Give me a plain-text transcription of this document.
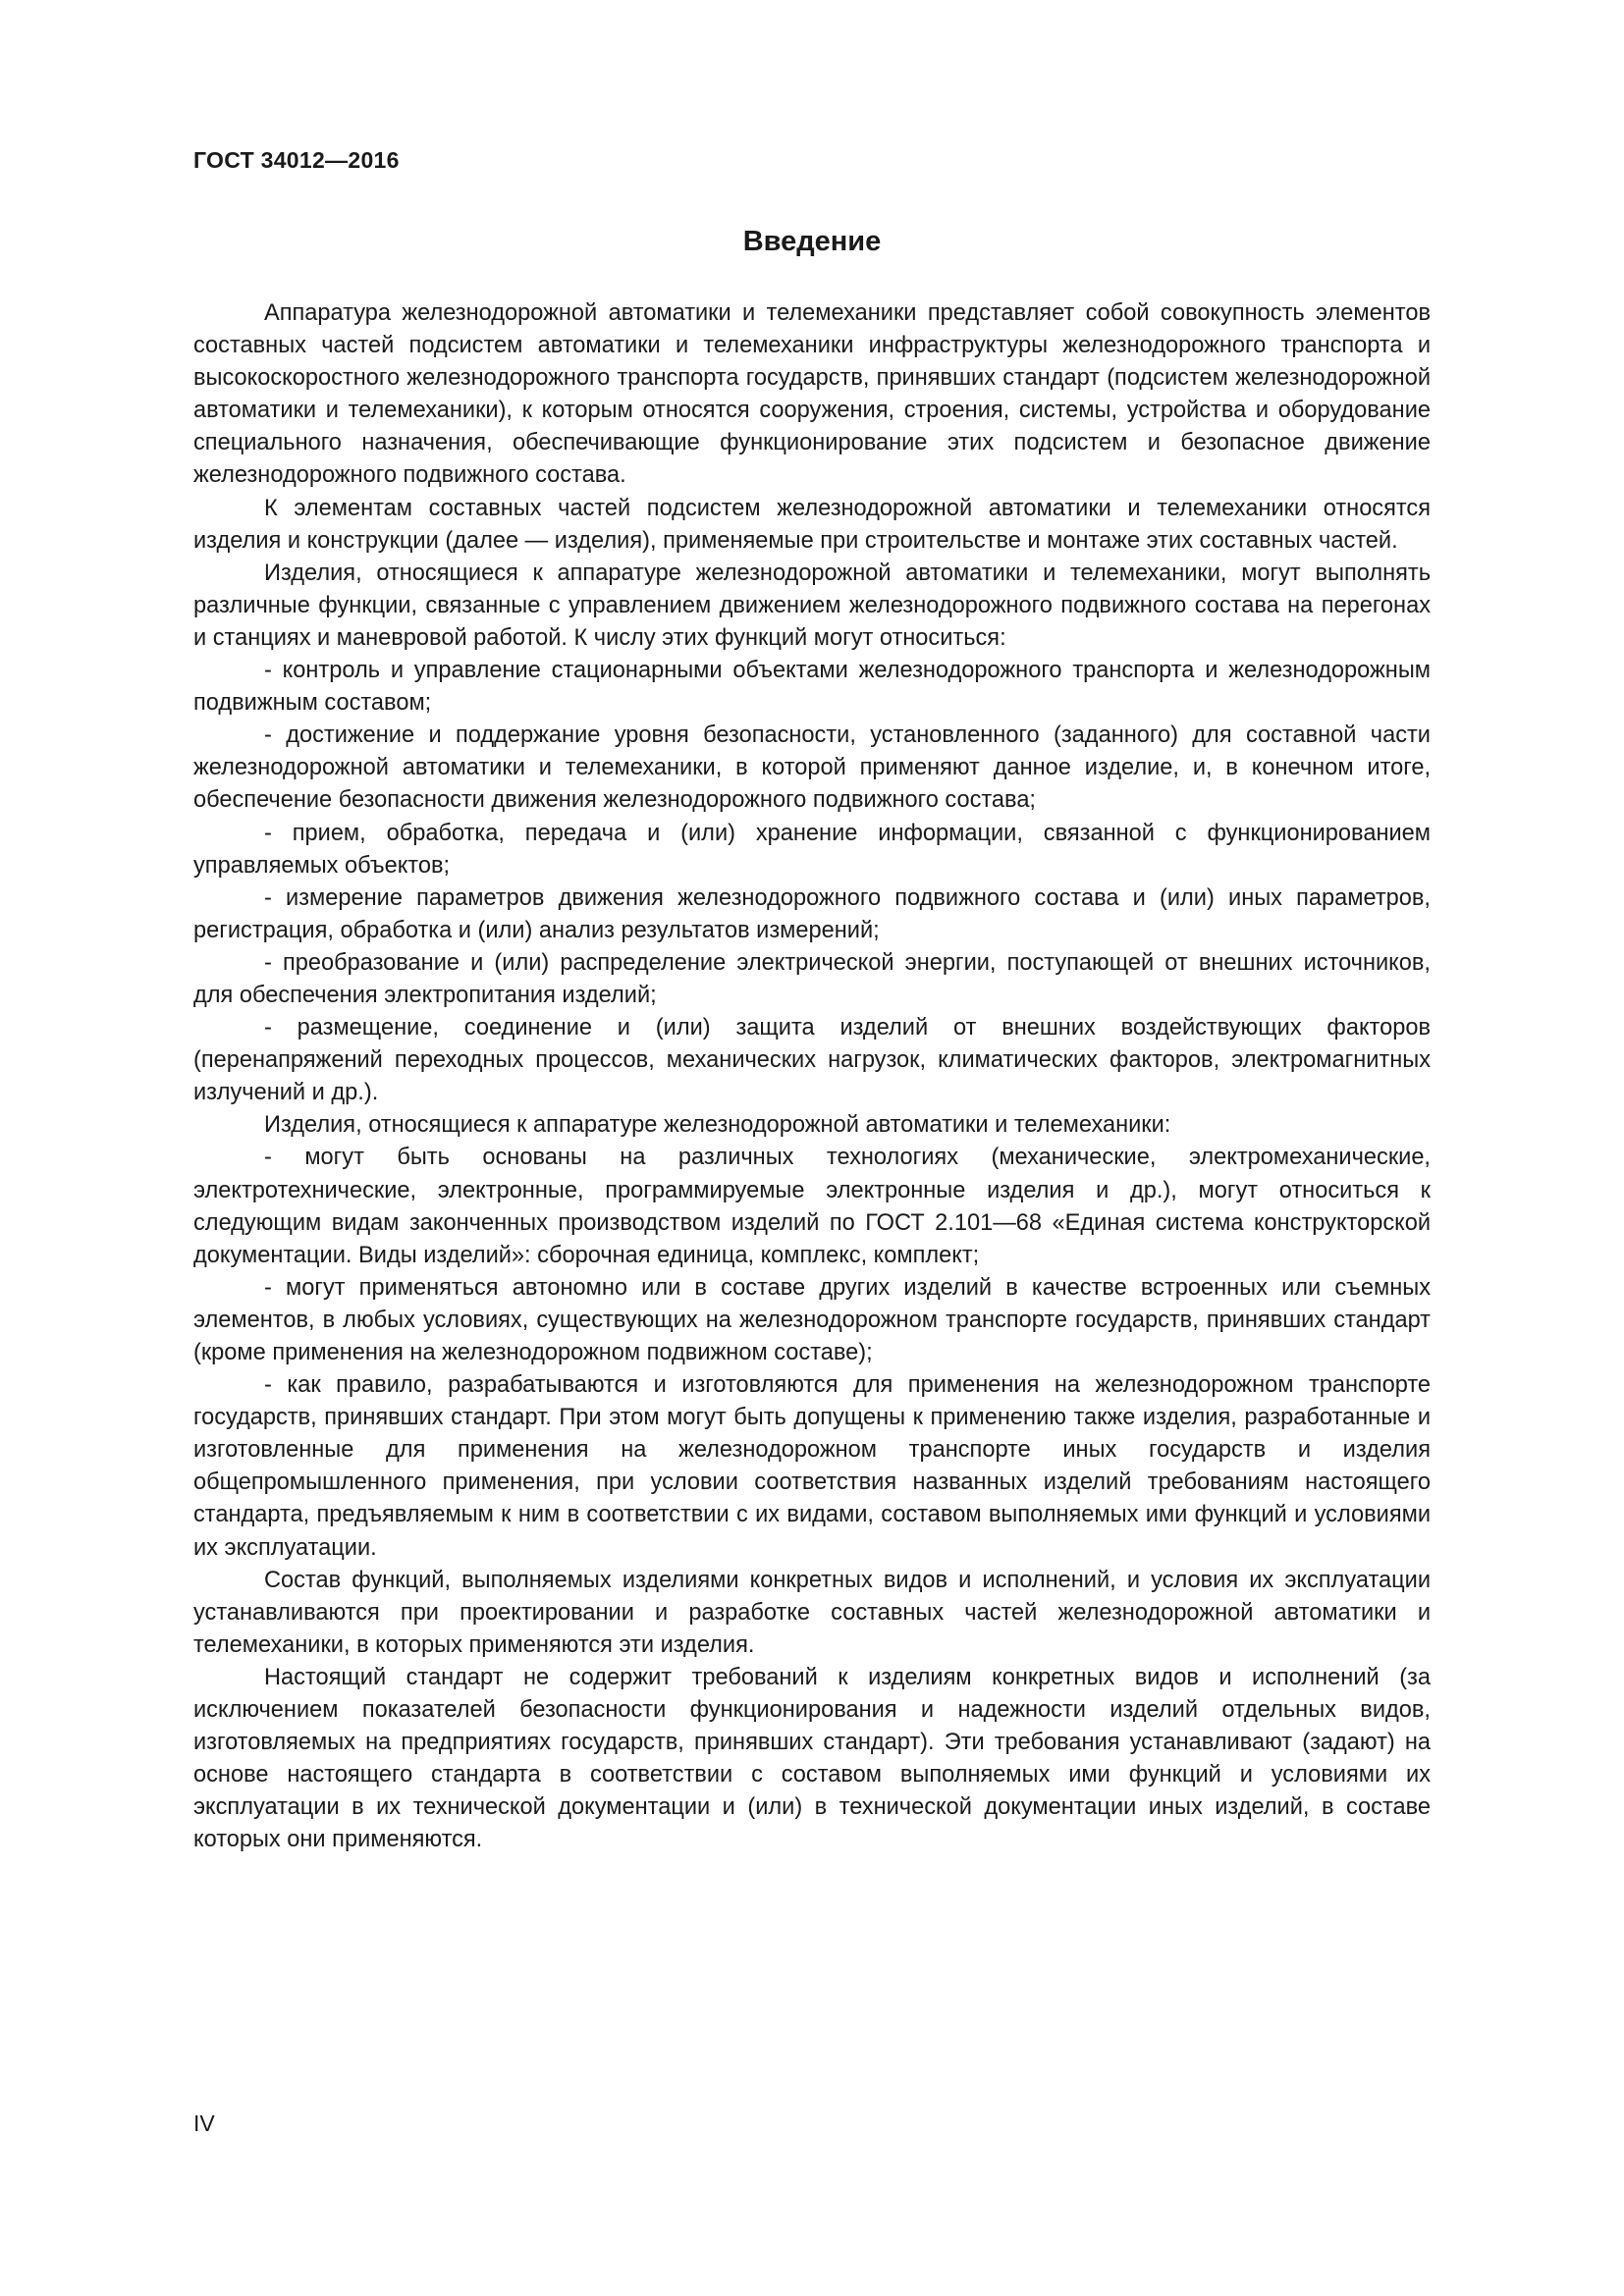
ГОСТ 34012—2016

Введение

Аппаратура железнодорожной автоматики и телемеханики представляет собой совокупность элементов составных частей подсистем автоматики и телемеханики инфраструктуры железнодорожного транспорта и высокоскоростного железнодорожного транспорта государств, принявших стандарт (подсистем железнодорожной автоматики и телемеханики), к которым относятся сооружения, строения, системы, устройства и оборудование специального назначения, обеспечивающие функционирование этих подсистем и безопасное движение железнодорожного подвижного состава.

К элементам составных частей подсистем железнодорожной автоматики и телемеханики относятся изделия и конструкции (далее — изделия), применяемые при строительстве и монтаже этих составных частей.

Изделия, относящиеся к аппаратуре железнодорожной автоматики и телемеханики, могут выполнять различные функции, связанные с управлением движением железнодорожного подвижного состава на перегонах и станциях и маневровой работой. К числу этих функций могут относиться:

- контроль и управление стационарными объектами железнодорожного транспорта и железнодорожным подвижным составом;

- достижение и поддержание уровня безопасности, установленного (заданного) для составной части железнодорожной автоматики и телемеханики, в которой применяют данное изделие, и, в конечном итоге, обеспечение безопасности движения железнодорожного подвижного состава;

- прием, обработка, передача и (или) хранение информации, связанной с функционированием управляемых объектов;

- измерение параметров движения железнодорожного подвижного состава и (или) иных параметров, регистрация, обработка и (или) анализ результатов измерений;

- преобразование и (или) распределение электрической энергии, поступающей от внешних источников, для обеспечения электропитания изделий;

- размещение, соединение и (или) защита изделий от внешних воздействующих факторов (перенапряжений переходных процессов, механических нагрузок, климатических факторов, электромагнитных излучений и др.).

Изделия, относящиеся к аппаратуре железнодорожной автоматики и телемеханики:

- могут быть основаны на различных технологиях (механические, электромеханические, электротехнические, электронные, программируемые электронные изделия и др.), могут относиться к следующим видам законченных производством изделий по ГОСТ 2.101—68 «Единая система конструкторской документации. Виды изделий»: сборочная единица, комплекс, комплект;

- могут применяться автономно или в составе других изделий в качестве встроенных или съемных элементов, в любых условиях, существующих на железнодорожном транспорте государств, принявших стандарт (кроме применения на железнодорожном подвижном составе);

- как правило, разрабатываются и изготовляются для применения на железнодорожном транспорте государств, принявших стандарт. При этом могут быть допущены к применению также изделия, разработанные и изготовленные для применения на железнодорожном транспорте иных государств и изделия общепромышленного применения, при условии соответствия названных изделий требованиям настоящего стандарта, предъявляемым к ним в соответствии с их видами, составом выполняемых ими функций и условиями их эксплуатации.

Состав функций, выполняемых изделиями конкретных видов и исполнений, и условия их эксплуатации устанавливаются при проектировании и разработке составных частей железнодорожной автоматики и телемеханики, в которых применяются эти изделия.

Настоящий стандарт не содержит требований к изделиям конкретных видов и исполнений (за исключением показателей безопасности функционирования и надежности изделий отдельных видов, изготовляемых на предприятиях государств, принявших стандарт). Эти требования устанавливают (задают) на основе настоящего стандарта в соответствии с составом выполняемых ими функций и условиями их эксплуатации в их технической документации и (или) в технической документации иных изделий, в составе которых они применяются.

IV
